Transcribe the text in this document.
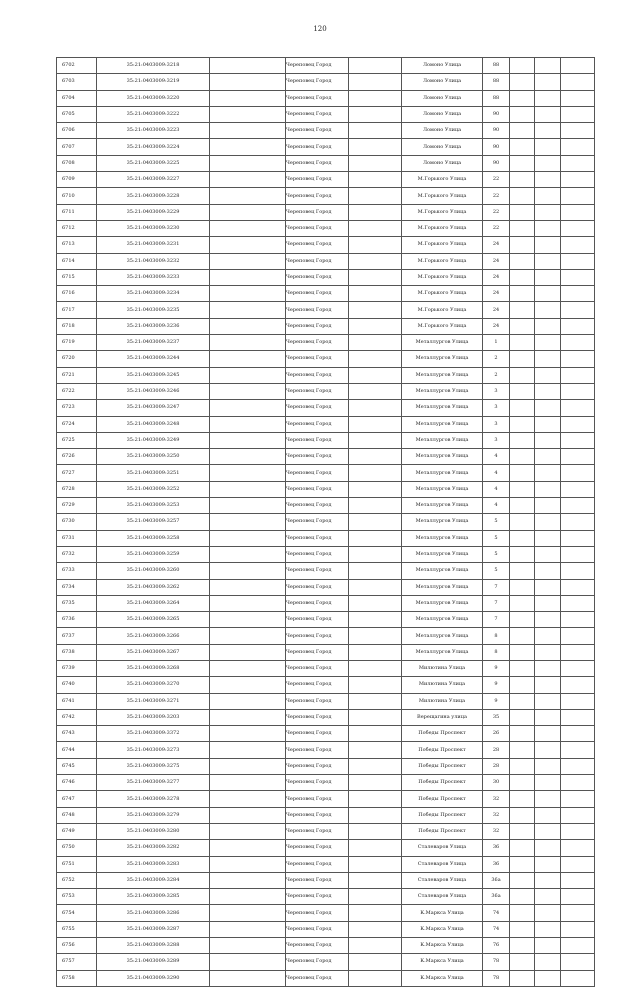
120
6702	35:21:0403009:3218		Череповец Город		Ломоно Улица	88			
6703	35:21:0403009:3219		Череповец Город		Ломоно Улица	88			
6704	35:21:0403009:3220		Череповец Город		Ломоно Улица	88			
6705	35:21:0403009:3222		Череповец Город		Ломоно Улица	90			
6706	35:21:0403009:3223		Череповец Город		Ломоно Улица	90			
6707	35:21:0403009:3224		Череповец Город		Ломоно Улица	90			
6708	35:21:0403009:3225		Череповец Город		Ломоно Улица	90			
6709	35:21:0403009:3227		Череповец Город		М.Горького Улица	22			
6710	35:21:0403009:3228		Череповец Город		М.Горького Улица	22			
6711	35:21:0403009:3229		Череповец Город		М.Горького Улица	22			
6712	35:21:0403009:3230		Череповец Город		М.Горького Улица	22			
6713	35:21:0403009:3231		Череповец Город		М.Горького Улица	24			
6714	35:21:0403009:3232		Череповец Город		М.Горького Улица	24			
6715	35:21:0403009:3233		Череповец Город		М.Горького Улица	24			
6716	35:21:0403009:3234		Череповец Город		М.Горького Улица	24			
6717	35:21:0403009:3235		Череповец Город		М.Горького Улица	24			
6718	35:21:0403009:3236		Череповец Город		М.Горького Улица	24			
6719	35:21:0403009:3237		Череповец Город		Металлургов Улица	1			
6720	35:21:0403009:3244		Череповец Город		Металлургов Улица	2			
6721	35:21:0403009:3245		Череповец Город		Металлургов Улица	2			
6722	35:21:0403009:3246		Череповец Город		Металлургов Улица	3			
6723	35:21:0403009:3247		Череповец Город		Металлургов Улица	3			
6724	35:21:0403009:3248		Череповец Город		Металлургов Улица	3			
6725	35:21:0403009:3249		Череповец Город		Металлургов Улица	3			
6726	35:21:0403009:3250		Череповец Город		Металлургов Улица	4			
6727	35:21:0403009:3251		Череповец Город		Металлургов Улица	4			
6728	35:21:0403009:3252		Череповец Город		Металлургов Улица	4			
6729	35:21:0403009:3253		Череповец Город		Металлургов Улица	4			
6730	35:21:0403009:3257		Череповец Город		Металлургов Улица	5			
6731	35:21:0403009:3258		Череповец Город		Металлургов Улица	5			
6732	35:21:0403009:3259		Череповец Город		Металлургов Улица	5			
6733	35:21:0403009:3260		Череповец Город		Металлургов Улица	5			
6734	35:21:0403009:3262		Череповец Город		Металлургов Улица	7			
6735	35:21:0403009:3264		Череповец Город		Металлургов Улица	7			
6736	35:21:0403009:3265		Череповец Город		Металлургов Улица	7			
6737	35:21:0403009:3266		Череповец Город		Металлургов Улица	8			
6738	35:21:0403009:3267		Череповец Город		Металлургов Улица	8			
6739	35:21:0403009:3268		Череповец Город		Милютина Улица	9			
6740	35:21:0403009:3270		Череповец Город		Милютина Улица	9			
6741	35:21:0403009:3271		Череповец Город		Милютина Улица	9			
6742	35:21:0403009:3203		Череповец Город		Верещагина улица	35			
6743	35:21:0403009:3372		Череповец Город		Победы Проспект	26			
6744	35:21:0403009:3273		Череповец Город		Победы Проспект	28			
6745	35:21:0403009:3275		Череповец Город		Победы Проспект	28			
6746	35:21:0403009:3277		Череповец Город		Победы Проспект	30			
6747	35:21:0403009:3278		Череповец Город		Победы Проспект	32			
6748	35:21:0403009:3279		Череповец Город		Победы Проспект	32			
6749	35:21:0403009:3280		Череповец Город		Победы Проспект	32			
6750	35:21:0403009:3282		Череповец Город		Сталеваров Улица	36			
6751	35:21:0403009:3283		Череповец Город		Сталеваров Улица	36			
6752	35:21:0403009:3284		Череповец Город		Сталеваров Улица	36а			
6753	35:21:0403009:3285		Череповец Город		Сталеваров Улица	36а			
6754	35:21:0403009:3286		Череповец Город		К.Маркса Улица	74			
6755	35:21:0403009:3287		Череповец Город		К.Маркса Улица	74			
6756	35:21:0403009:3288		Череповец Город		К.Маркса Улица	76			
6757	35:21:0403009:3289		Череповец Город		К.Маркса Улица	78			
6758	35:21:0403009:3290		Череповец Город		К.Маркса Улица	78			
